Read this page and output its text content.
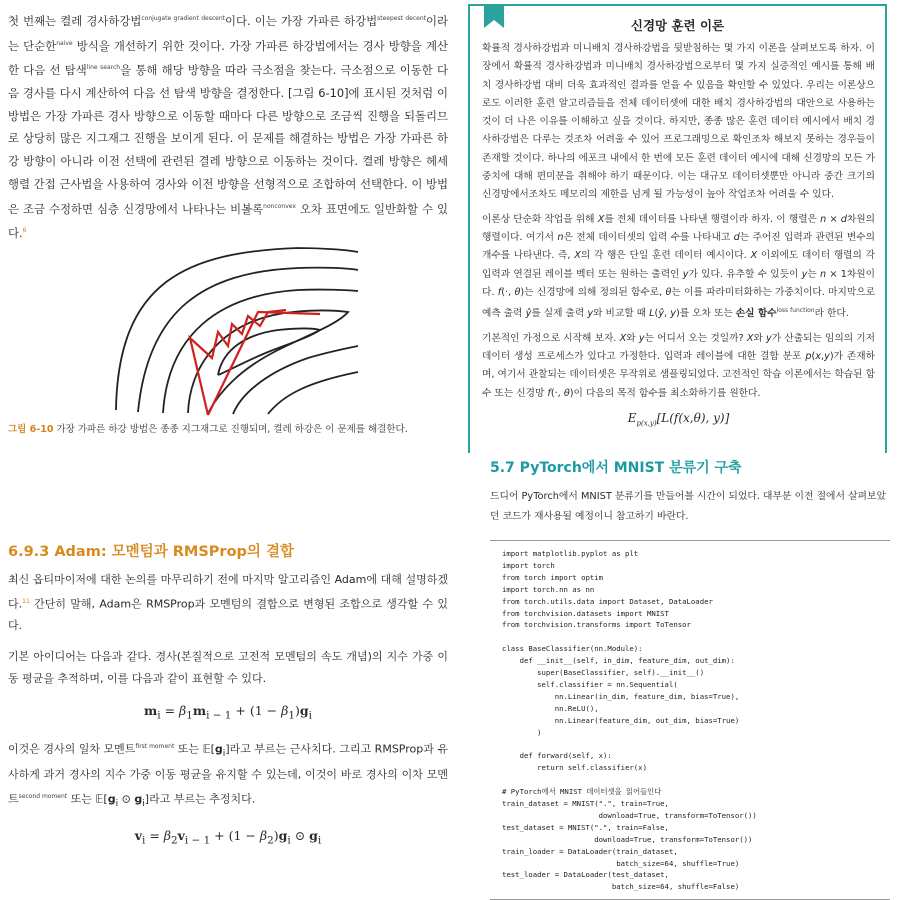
첫 번째는 켤레 경사하강법$^{conjugate gradient descent}$이다. 이는 가장 가파른 하강법$^{steepest decent}$이라는 단순한$^{naive}$ 방식을 개선하기 위한 것이다. 가장 가파른 하강법에서는 경사 방향을 계산한 다음 선 탐색$^{line search}$을 통해 해당 방향을 따라 극소점을 찾는다. 극소점으로 이동한 다음 경사를 다시 계산하여 다음 선 탐색 방향을 결정한다. [그림 6-10]에 표시된 것처럼 이 방법은 가장 가파른 경사 방향으로 이동할 때마다 다른 방향으로 조금씩 진행을 되돌리므로 상당히 많은 지그재그 진행을 보이게 된다. 이 문제를 해결하는 방법은 가장 가파른 하강 방향이 아니라 이전 선택에 관련된 결레 방향으로 이동하는 것이다. 켤레 방향은 헤세 행렬 간접 근사법을 사용하여 경사와 이전 방향을 선형적으로 조합하여 선택한다. 이 방법은 조금 수정하면 심층 신경망에서 나타나는 비볼록$^{nonconvex}$ 오차 표면에도 일반화할 수 있다.$^6$

그림 6-10 가장 가파른 하강 방법은 종종 지그재그로 진행되며, 켤레 하강은 이 문제를 해결한다.
신경망 훈련 이론

확률적 경사하강법과 미니배치 경사하강법을 뒷받침하는 몇 가지 이론을 살펴보도록 하자. 이 장에서 확률적 경사하강법과 미니배치 경사하강법으로부터 몇 가지 실증적인 예시를 통해 배치 경사하강법 대비 더욱 효과적인 결과를 얻을 수 있음을 확인할 수 있었다. 우리는 이론상으로도 이러한 훈련 알고리즘들을 전체 데이터셋에 대한 배치 경사하강법의 대안으로 사용하는 것이 더 나은 이유를 이해하고 싶을 것이다. 하지만, 종종 많은 훈련 데이터 예시에서 배치 경사하강법은 다루는 것조차 어려울 수 있어 프로그래밍으로 확인조차 해보지 못하는 경우들이 존재할 것이다. 하나의 에포크 내에서 한 번에 모든 훈련 데이터 예시에 대해 신경망의 모든 가중치에 대해 편미분을 취해야 하기 때문이다. 이는 대규모 데이터셋뿐만 아니라 중간 크기의 신경망에서조차도 메모리의 제한을 넘게 될 가능성이 높아 작업조차 어려울 수 있다.

이론상 단순화 작업을 위해 X를 전체 데이터를 나타낸 행렬이라 하자. 이 행렬은 n × d차원의 행렬이다. 여기서 n은 전체 데이터셋의 입력 수를 나타내고 d는 주어진 입력과 관련된 변수의 개수를 나타낸다. 즉, X의 각 행은 단일 훈련 데이터 예시이다. X 이외에도 데이터 행렬의 각 입력과 연결된 레이블 벡터 또는 원하는 출력인 y가 있다. 유추할 수 있듯이 y는 n × 1차원이다. f(·, θ)는 신경망에 의해 정의된 함수로, θ는 이를 파라미터화하는 가중치이다. 마지막으로 예측 출력 ŷ를 실제 출력 y와 비교할 때 L(ŷ, y)를 오차 또는 손실 함수$^{loss function}$라 한다.

기본적인 가정으로 시작해 보자. X와 y는 어디서 오는 것일까? X와 y가 산출되는 임의의 기저 데이터 생성 프로세스가 있다고 가정한다. 입력과 레이블에 대한 결합 분포 p(x,y)가 존재하며, 여기서 관찰되는 데이터셋은 무작위로 샘플링되었다. 고전적인 학습 이론에서는 학습된 함수 또는 신경망 f(·, θ)이 다음의 목적 함수를 최소화하기를 원한다.

$E_{p(x,y)}[L(f(x,\theta)$, y)]
6.9.3 Adam: 모멘텀과 RMSProp의 결합

최신 옵티마이저에 대한 논의를 마무리하기 전에 마지막 알고리즘인 Adam에 대해 설명하겠다.$^{11}$ 간단히 말해, Adam은 RMSProp과 모멘텀의 결합으로 변형된 조합으로 생각할 수 있다.

기본 아이디어는 다음과 같다. 경사(본질적으로 고전적 모멘텀의 속도 개념)의 지수 가중 이동 평균을 추적하며, 이를 다음과 같이 표현할 수 있다.

$m_i = \beta_1m_{i - 1} + (1 - \beta_1)g_i$

이것은 경사의 일차 모멘트$^{first moment}$ 또는 $𝔼[g_i]$라고 부르는 근사치다. 그리고 RMSProp과 유사하게 과거 경사의 지수 가중 이동 평균을 유지할 수 있는데, 이것이 바로 경사의 이차 모멘트$^{second moment}$ 또는 $𝔼[g_i$ ⊙ $g_i$]라고 부르는 추정치다.

$v_i = \beta_2v_{i - 1} + (1 - \beta_2)g_i$ ⊙ $g_i$
5.7 PyTorch에서 MNIST 분류기 구축

드디어 PyTorch에서 MNIST 분류기를 만들어볼 시간이 되었다. 대부분 이전 절에서 살펴보았던 코드가 재사용될 예정이니 참고하기 바란다.

import matplotlib.pyplot as plt
import torch
from torch import optim
import torch.nn as nn
from torch.utils.data import Dataset, DataLoader
from torchvision.datasets import MNIST
from torchvision.transforms import ToTensor

class BaseClassifier(nn.Module):
def __init__(self, in_dim, feature_dim, out_dim):
super(BaseClassifier, self).__init__()
self.classifier = nn.Sequential(
nn.Linear(in_dim, feature_dim, bias=True),
nn.ReLU(),
nn.Linear(feature_dim, out_dim, bias=True)
)

def forward(self, x):
return self.classifier(x)

# PyTorch에서 MNIST 데이터셋을 읽어들인다
train_dataset = MNIST(".", train=True,
download=True, transform=ToTensor())
test_dataset = MNIST(".", train=False,
download=True, transform=ToTensor())
train_loader = DataLoader(train_dataset,
batch_size=64, shuffle=True)
test_loader = DataLoader(test_dataset,
batch_size=64, shuffle=False)
